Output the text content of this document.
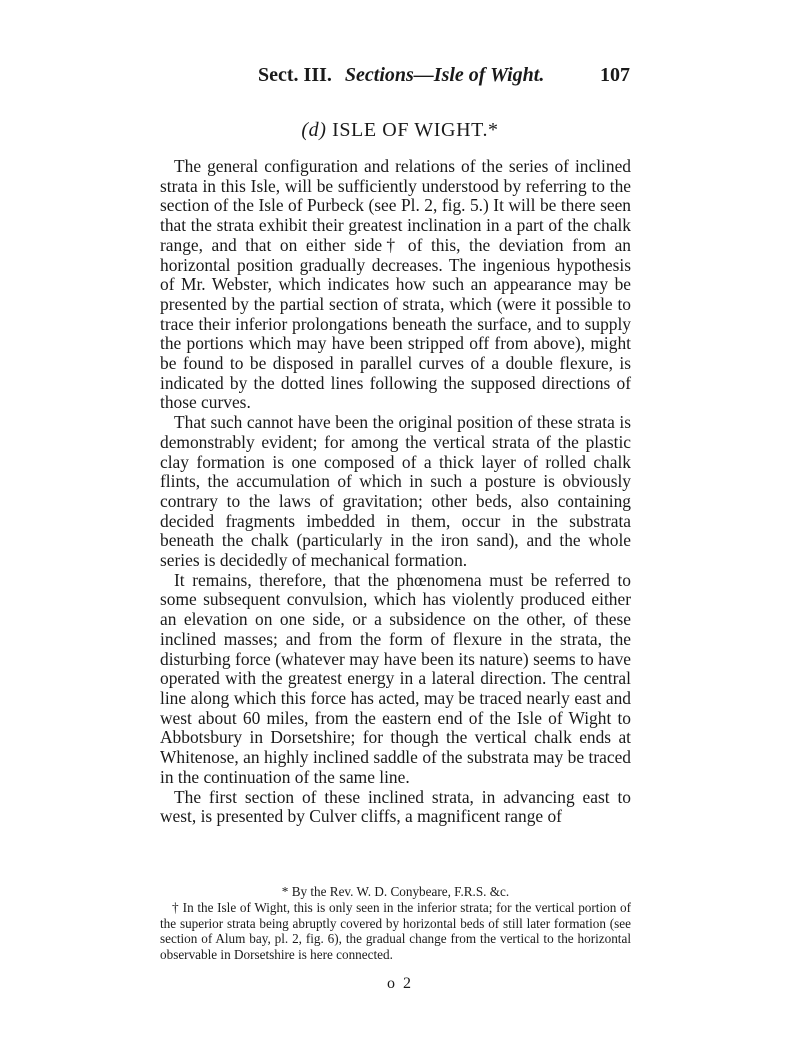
Sect. III. Sections—Isle of Wight.	107
(d) ISLE OF WIGHT.*

The general configuration and relations of the series of inclined strata in this Isle, will be sufficiently understood by referring to the section of the Isle of Purbeck (see Pl. 2, fig. 5.) It will be there seen that the strata exhibit their greatest inclination in a part of the chalk range, and that on either side† of this, the deviation from an horizontal position gradually decreases. The ingenious hypothesis of Mr. Webster, which indicates how such an appearance may be presented by the partial section of strata, which (were it possible to trace their inferior prolongations beneath the surface, and to supply the portions which may have been stripped off from above), might be found to be disposed in parallel curves of a double flexure, is indicated by the dotted lines following the supposed directions of those curves.

That such cannot have been the original position of these strata is demonstrably evident; for among the vertical strata of the plastic clay formation is one composed of a thick layer of rolled chalk flints, the accumulation of which in such a posture is obviously contrary to the laws of gravitation; other beds, also containing decided fragments imbedded in them, occur in the substrata beneath the chalk (particularly in the iron sand), and the whole series is decidedly of mechanical formation.

It remains, therefore, that the phœnomena must be referred to some subsequent convulsion, which has violently produced either an elevation on one side, or a subsidence on the other, of these inclined masses; and from the form of flexure in the strata, the disturbing force (whatever may have been its nature) seems to have operated with the greatest energy in a lateral direction. The central line along which this force has acted, may be traced nearly east and west about 60 miles, from the eastern end of the Isle of Wight to Abbotsbury in Dorsetshire; for though the vertical chalk ends at Whitenose, an highly inclined saddle of the substrata may be traced in the continuation of the same line.

The first section of these inclined strata, in advancing east to west, is presented by Culver cliffs, a magnificent range of

* By the Rev. W. D. Conybeare, F.R.S. &c.

† In the Isle of Wight, this is only seen in the inferior strata; for the vertical portion of the superior strata being abruptly covered by horizontal beds of still later formation (see section of Alum bay, pl. 2, fig. 6), the gradual change from the vertical to the horizontal observable in Dorsetshire is here connected.

o 2
